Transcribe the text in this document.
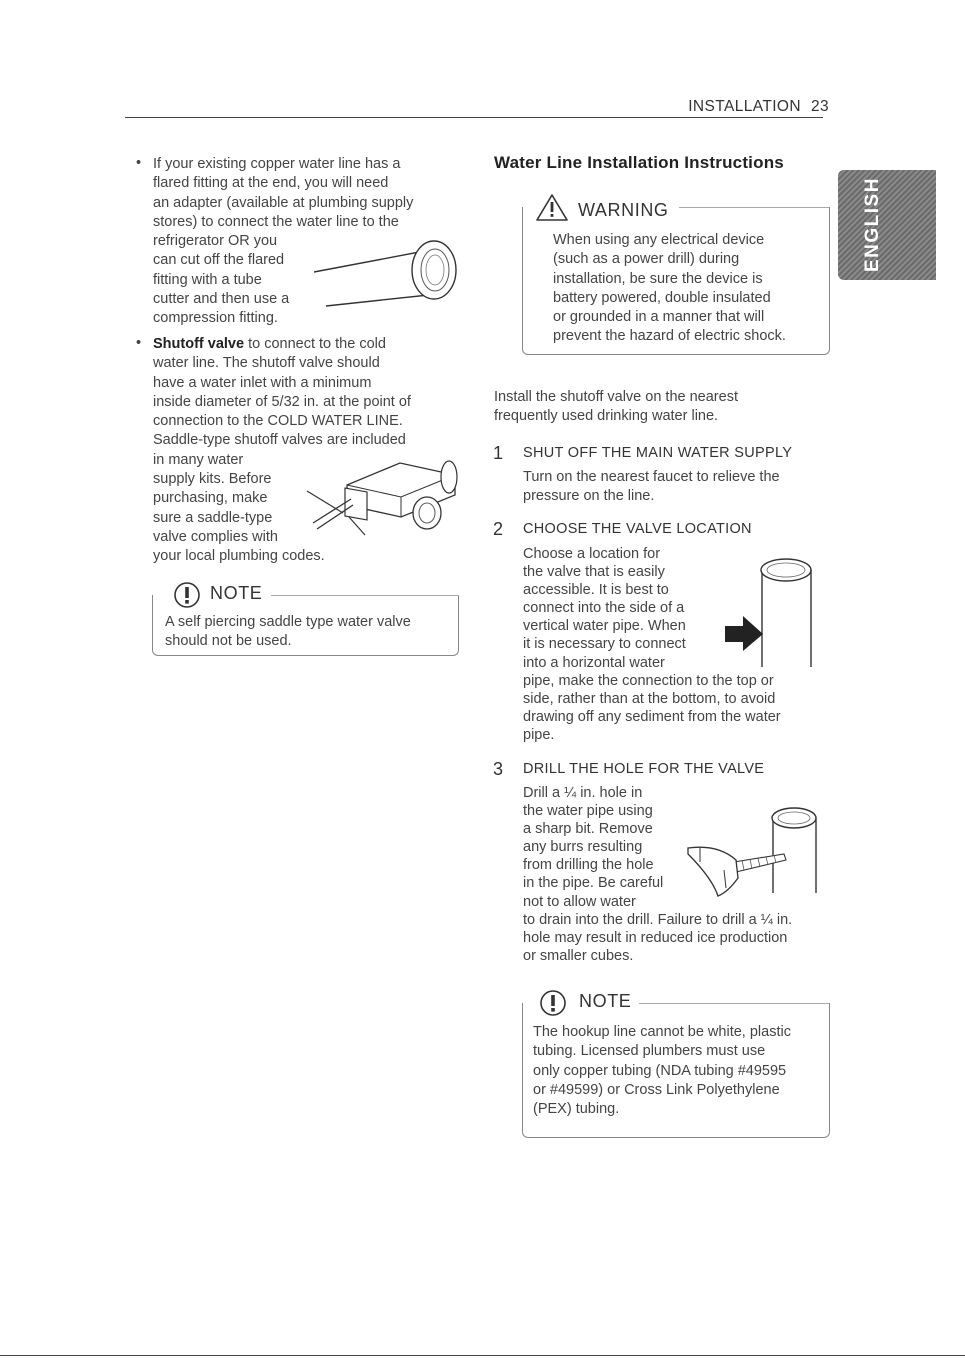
INSTALLATION 23
ENGLISH
• If your existing copper water line has a
flared fitting at the end, you will need
an adapter (available at plumbing supply
stores) to connect the water line to the
refrigerator OR you
can cut off the flared
fitting with a tube
cutter and then use a
compression fitting.
• Shutoff valve to connect to the cold
water line. The shutoff valve should
have a water inlet with a minimum
inside diameter of 5/32 in. at the point of
connection to the COLD WATER LINE.
Saddle-type shutoff valves are included
in many water
supply kits. Before
purchasing, make
sure a saddle-type
valve complies with
your local plumbing codes.
NOTE
A self piercing saddle type water valve
should not be used.
Water Line Installation Instructions
WARNING
When using any electrical device
(such as a power drill) during
installation, be sure the device is
battery powered, double insulated
or grounded in a manner that will
prevent the hazard of electric shock.
Install the shutoff valve on the nearest
frequently used drinking water line.
1 SHUT OFF THE MAIN WATER SUPPLY
Turn on the nearest faucet to relieve the
pressure on the line.
2 CHOOSE THE VALVE LOCATION
Choose a location for
the valve that is easily
accessible. It is best to
connect into the side of a
vertical water pipe. When
it is necessary to connect
into a horizontal water
pipe, make the connection to the top or
side, rather than at the bottom, to avoid
drawing off any sediment from the water
pipe.
3 DRILL THE HOLE FOR THE VALVE
Drill a ¼ in. hole in
the water pipe using
a sharp bit. Remove
any burrs resulting
from drilling the hole
in the pipe. Be careful
not to allow water
to drain into the drill. Failure to drill a ¼ in.
hole may result in reduced ice production
or smaller cubes.
NOTE
The hookup line cannot be white, plastic
tubing. Licensed plumbers must use
only copper tubing (NDA tubing #49595
or #49599) or Cross Link Polyethylene
(PEX) tubing.
